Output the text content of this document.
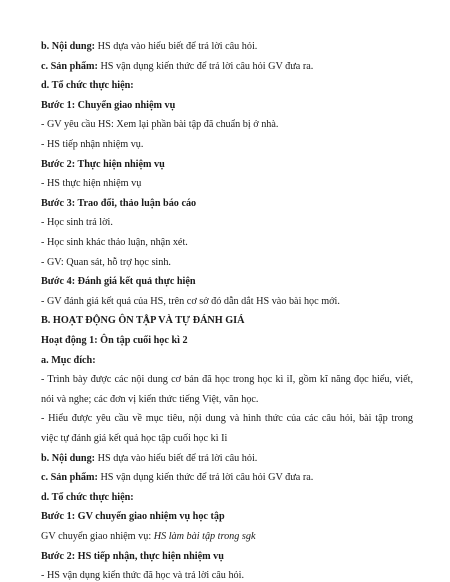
b. Nội dung: HS dựa vào hiểu biết để trả lời câu hỏi.
c. Sản phẩm: HS vận dụng kiến thức để trả lời câu hỏi GV đưa ra.
d. Tổ chức thực hiện:
Bước 1: Chuyển giao nhiệm vụ
- GV yêu cầu HS: Xem lại phần bài tập đã chuẩn bị ở nhà.
- HS tiếp nhận nhiệm vụ.
Bước 2: Thực hiện nhiệm vụ
- HS thực hiện nhiệm vụ
Bước 3: Trao đổi, thảo luận báo cáo
- Học sinh trả lời.
- Học sinh khác thảo luận, nhận xét.
- GV: Quan sát, hỗ trợ học sinh.
Bước 4: Đánh giá kết quả thực hiện
- GV đánh giá kết quả của HS, trên cơ sở đó dẫn dắt HS vào bài học mới.
B. HOẠT ĐỘNG ÔN TẬP VÀ TỰ ĐÁNH GIÁ
Hoạt động 1: Ôn tập cuối học kì 2
a. Mục đích:
- Trình bày được các nội dung cơ bản đã học trong học kì iI, gồm kĩ năng đọc hiểu, viết,
nói và nghe; các đơn vị kiến thức tiếng Việt, văn học.
- Hiểu được yêu cầu về mục tiêu, nội dung và hình thức của các câu hỏi, bài tập trong
việc tự đánh giá kết quả học tập cuối học kì Ii
b. Nội dung: HS dựa vào hiểu biết để trả lời câu hỏi.
c. Sản phẩm: HS vận dụng kiến thức để trả lời câu hỏi GV đưa ra.
d. Tổ chức thực hiện:
Bước 1: GV chuyển giao nhiệm vụ học tập
GV chuyển giao nhiệm vụ: HS làm bài tập trong sgk
Bước 2: HS tiếp nhận, thực hiện nhiệm vụ
- HS vận dụng kiến thức đã học và trả lời câu hỏi.
